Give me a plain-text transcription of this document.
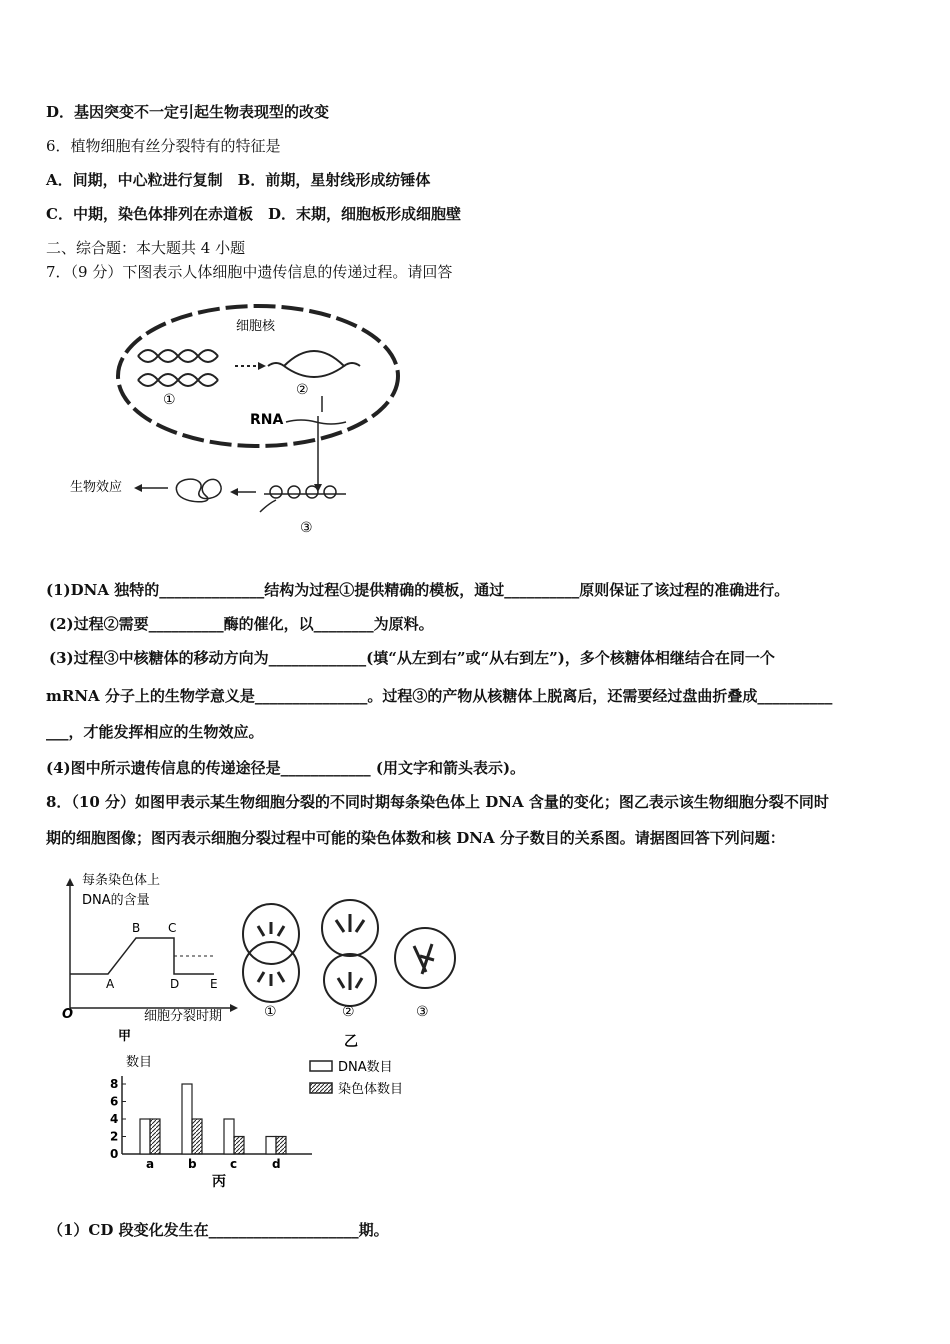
D．基因突变不一定引起生物表现型的改变
6．植物细胞有丝分裂特有的特征是
A．间期，中心粒进行复制　B．前期，星射线形成纺锤体
C．中期，染色体排列在赤道板　D．末期，细胞板形成细胞壁
二、综合题：本大题共 4 小题
7．（9 分）下图表示人体细胞中遗传信息的传递过程。请回答
细胞核
①
②
RNA
生物效应
③
(1)DNA 独特的______________结构为过程①提供精确的模板，通过__________原则保证了该过程的准确进行。
(2)过程②需要__________酶的催化，以________为原料。
(3)过程③中核糖体的移动方向为_____________(填“从左到右”或“从右到左”)，多个核糖体相继结合在同一个
mRNA 分子上的生物学意义是_______________。过程③的产物从核糖体上脱离后，还需要经过盘曲折叠成__________
___，才能发挥相应的生物效应。
(4)图中所示遗传信息的传递途径是____________ (用文字和箭头表示)。
8．（10 分）如图甲表示某生物细胞分裂的不同时期每条染色体上 DNA 含量的变化；图乙表示该生物细胞分裂不同时
期的细胞图像；图丙表示细胞分裂过程中可能的染色体数和核 DNA 分子数目的关系图。请据图回答下列问题：
每条染色体上
DNA的含量
O
A
B C
D	E
细胞分裂时期
甲
①	②	③
乙
数目
0
2
4
6
8
a	b	c	d
丙
DNA数目
染色体数目
（1）CD 段变化发生在____________________期。
